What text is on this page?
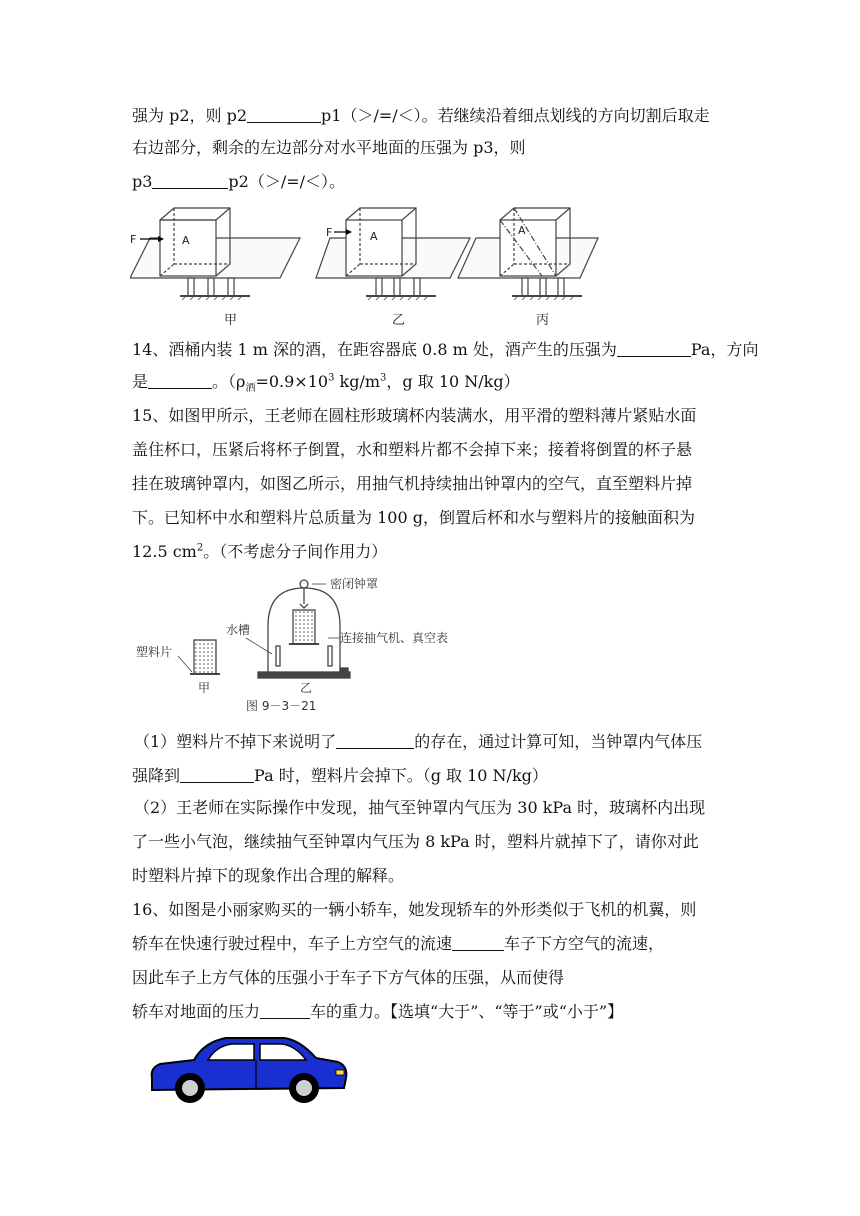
强为 p2，则 p2	p1（＞/=/＜）。若继续沿着细点划线的方向切割后取走
右边部分，剩余的左边部分对水平地面的压强为 p3，则
p3	p2（＞/=/＜）。
A
F	A
F	A
甲	乙	丙
14、酒桶内装 1 m 深的酒，在距容器底 0.8 m 处，酒产生的压强为	Pa，方向
是	。（$\rho_酒=0.9\times 10^3$ $kg/m^3$，g 取 10 N/kg）
15、如图甲所示，王老师在圆柱形玻璃杯内装满水，用平滑的塑料薄片紧贴水面
盖住杯口，压紧后将杯子倒置，水和塑料片都不会掉下来；接着将倒置的杯子悬
挂在玻璃钟罩内，如图乙所示，用抽气机持续抽出钟罩内的空气，直至塑料片掉
下。已知杯中水和塑料片总质量为 100 g，倒置后杯和水与塑料片的接触面积为
12.5 $cm^2$。（不考虑分子间作用力）
密闭钟罩
水槽
连接抽气机、真空表
塑料片
甲	乙
图 9－3－21
（1）塑料片不掉下来说明了	的存在，通过计算可知，当钟罩内气体压
强降到	Pa 时，塑料片会掉下。（g 取 10 N/kg）
（2）王老师在实际操作中发现，抽气至钟罩内气压为 30 kPa 时，玻璃杯内出现
了一些小气泡，继续抽气至钟罩内气压为 8 kPa 时，塑料片就掉下了，请你对此
时塑料片掉下的现象作出合理的解释。
16、如图是小丽家购买的一辆小轿车，她发现轿车的外形类似于飞机的机翼，则
轿车在快速行驶过程中，车子上方空气的流速	车子下方空气的流速，
因此车子上方气体的压强小于车子下方气体的压强，从而使得
轿车对地面的压力	车的重力。【选填“大于”、“等于”或“小于”】
